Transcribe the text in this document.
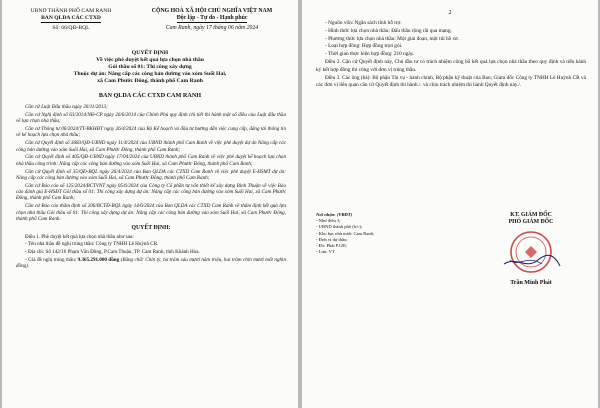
UBND THÀNH PHỐ CAM RANH
BAN QLDA CÁC CTXD
Số: 66/QĐ-BQL
CỘNG HOÀ XÃ HỘI CHỦ NGHĨA VIỆT NAM
Độc lập - Tự do - Hạnh phúc
Cam Ranh, ngày 17 tháng 06 năm 2024
QUYẾT ĐỊNH
Về việc phê duyệt kết quả lựa chọn nhà thầu
Gói thầu số 01: Thi công xây dựng
Thuộc dự án: Nâng cấp các công bản đường vào xóm Suối Hai,
xã Cam Phước Đông, thành phố Cam Ranh
BAN QLDA CÁC CTXD CAM RANH

Căn cứ Luật Đấu thầu ngày 26/11/2013;

Căn cứ Nghị định số 63/2014/NĐ-CP ngày 26/6/2014 của Chính Phủ quy định chi tiết thi hành một số điều của Luật đấu thầu về lựa chọn nhà thầu;

Căn cứ Thông tư 06/2024/TT-BKHĐT ngày 26/4/2024 của Bộ Kế hoạch và đầu tư hướng dẫn việc cung cấp, đăng tải thông tin về kế hoạch lựa chọn nhà thầu;

Căn cứ Quyết định số 3683/QĐ-UBND ngày 11/4/2024 của UBND thành phố Cam Ranh về việc phê duyệt dự án Nâng cấp các công bản đường vào xóm Suối Hai, xã Cam Phước Đông, thành phố Cam Ranh;

Căn cứ Quyết định số 405/QĐ-UBND ngày 17/04/2024 của UBND thành phố Cam Ranh về việc phê duyệt kế hoạch lựa chọn nhà thầu công trình: Nâng cấp các công bản đường vào xóm Suối Hai, xã Cam Phước Đông, thành phố Cam Ranh;

Căn cứ Quyết định số 35/QĐ-BQL ngày 26/4/2024 của Ban QLDA các CTXD Cam Ranh về việc phê duyệt E-HSMT dự án: Nâng cấp các công bản đường vào xóm Suối Hai, xã Cam Phước Đông, thành phố Cam Ranh;

Căn cứ Báo cáo số 125/2024/BCTVNT ngày 05/6/2024 của Công ty Cổ phần tư vấn thiết kế xây dựng Bình Thuận về việc Báo cáo đánh giá E-HSĐT Gói thầu số 01: Thi công xây dựng dự án: Nâng cấp các công bản đường vào xóm Suối Hai, xã Cam Phước Đông, thành phố Cam Ranh;

Căn cứ Báo cáo thẩm định số 206/BCTĐ-BQL ngày 14/6/2024 của Ban QLDA các CTXD Cam Ranh về thẩm định kết quả lựa chọn nhà thầu Gói thầu số 01: Thi công xây dựng dự án: Nâng cấp các công bản đường vào xóm Suối Hai, xã Cam Phước Đông, thành phố Cam Ranh.

QUYẾT ĐỊNH:

Điều 1. Phê duyệt kết quả lựa chọn nhà thầu như sau:

- Tên nhà thầu đề nghị trúng thầu: Công ty TNHH Lê Huỳnh CR.

- Địa chỉ: Số 142/16 Phạm Văn Đồng, P.Cam Thuận, TP. Cam Ranh, tỉnh Khánh Hòa.

- Giá đề nghị trúng thầu: 9.365.291.000 đồng (Bằng chữ: Chín tỷ, ba trăm sáu mươi năm triệu, hai trăm chín mươi mốt nghìn đồng).

2

- Nguồn vốn: Ngân sách tỉnh hỗ trợ.

- Hình thức lựa chọn nhà thầu: Đấu thầu rộng rãi qua mạng.

- Phương thức lựa chọn nhà thầu: Một giai đoạn, một túi hồ sơ.

- Loại hợp đồng: Hợp đồng trọn gói.

- Thời gian thực hiện hợp đồng: 210 ngày.

Điều 2. Căn cứ Quyết định này, Chủ đầu tư có trách nhiệm công bố kết quả lựa chọn nhà thầu theo quy định và tiến hành ký kết hợp đồng thi công với đơn vị trúng thầu.

Điều 3. Các ông (bà): Bộ phận Tài vụ - hành chính, Bộ phận kỹ thuật của Ban; Giám đốc Công ty TNHH Lê Huỳnh CR và các đơn vị liên quan căn cứ Quyết định thi hành./. và chịu trách nhiệm thi hành Quyết định này./.

Nơi nhận: (VBĐT)
- Như điều 3;
- UBND thành phố (b/c);
- Kho bạc nhà nước Cam Ranh;
- Đơn vị dự thầu;
- Đ/c Phát P.GĐ;
- Lưu: VT.
KT. GIÁM ĐỐC
PHÓ GIÁM ĐỐC
Trần Minh Phát
